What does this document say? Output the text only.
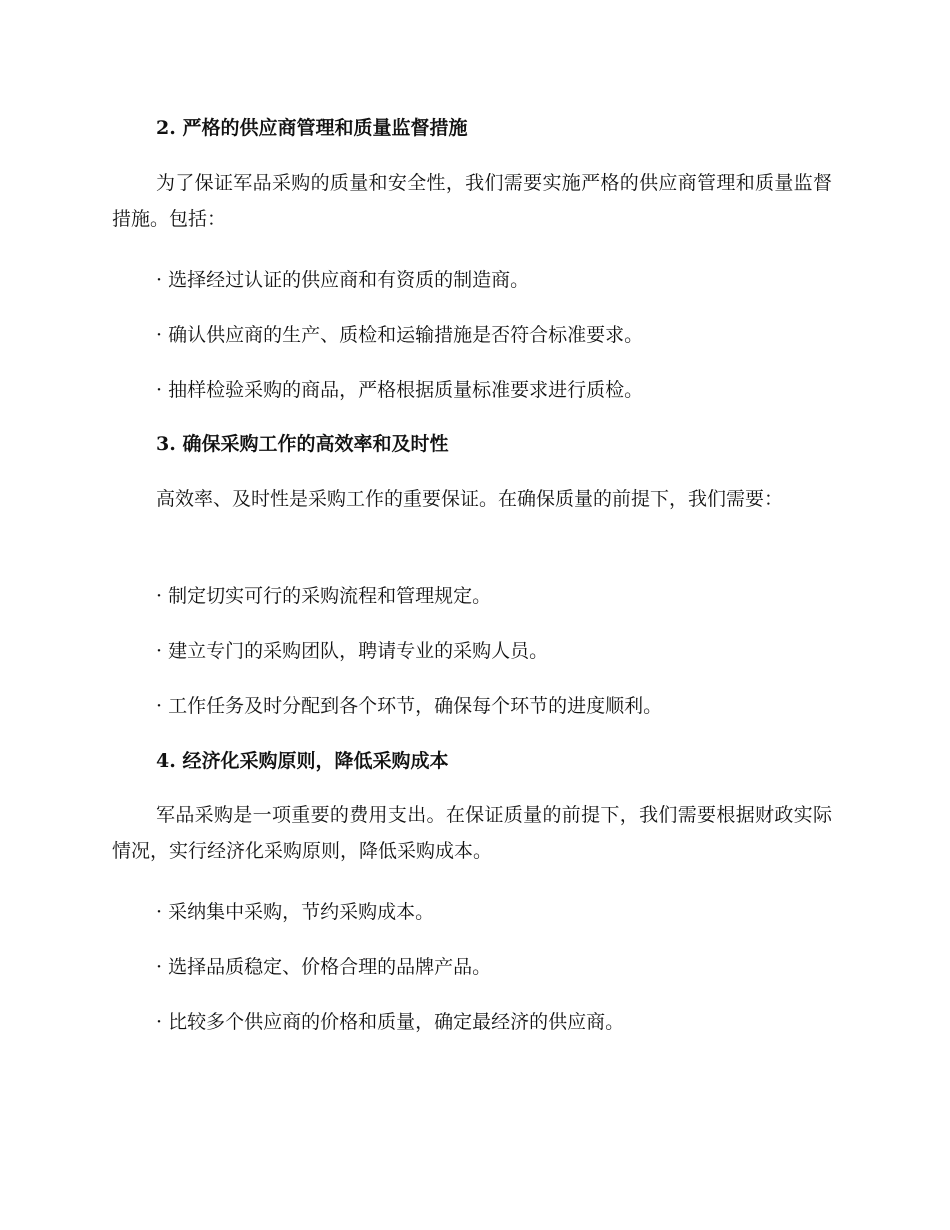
2. 严格的供应商管理和质量监督措施
为了保证军品采购的质量和安全性，我们需要实施严格的供应商管理和质量监督措施。包括：
· 选择经过认证的供应商和有资质的制造商。
· 确认供应商的生产、质检和运输措施是否符合标准要求。
· 抽样检验采购的商品，严格根据质量标准要求进行质检。
3. 确保采购工作的高效率和及时性
高效率、及时性是采购工作的重要保证。在确保质量的前提下，我们需要：
· 制定切实可行的采购流程和管理规定。
· 建立专门的采购团队，聘请专业的采购人员。
· 工作任务及时分配到各个环节，确保每个环节的进度顺利。
4. 经济化采购原则，降低采购成本
军品采购是一项重要的费用支出。在保证质量的前提下，我们需要根据财政实际情况，实行经济化采购原则，降低采购成本。
· 采纳集中采购，节约采购成本。
· 选择品质稳定、价格合理的品牌产品。
· 比较多个供应商的价格和质量，确定最经济的供应商。
